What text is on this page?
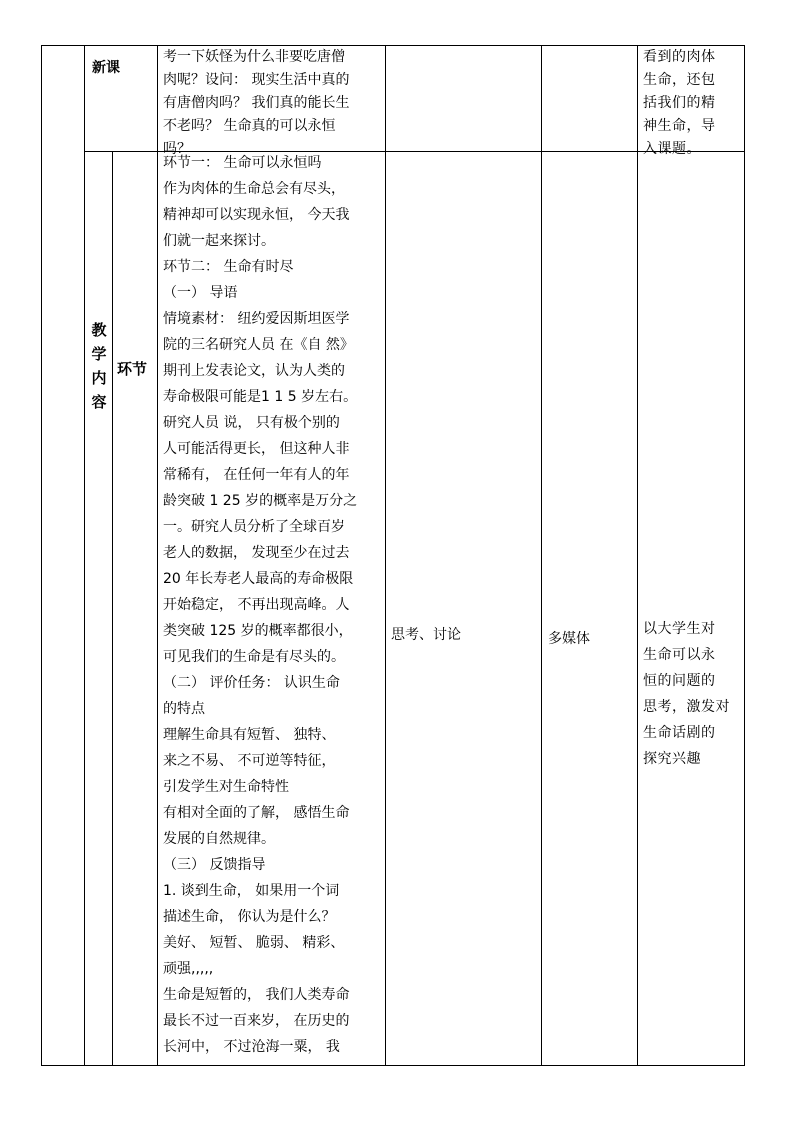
新课
考一下妖怪为什么非要吃唐僧
肉呢？设问： 现实生活中真的
有唐僧肉吗？ 我们真的能长生
不老吗？ 生命真的可以永恒
吗？
看到的肉体
生命，还包
括我们的精
神生命，导
入课题。
教
学
内
容
环节
环节一： 生命可以永恒吗
作为肉体的生命总会有尽头，
精神却可以实现永恒， 今天我
们就一起来探讨。
环节二： 生命有时尽
（一） 导语
情境素材： 纽约爱因斯坦医学
院的三名研究人员 在《自 然》
期刊上发表论文，认为人类的
寿命极限可能是1 1 5 岁左右。
研究人员 说， 只有极个别的
人可能活得更长， 但这种人非
常稀有， 在任何一年有人的年
龄突破 1 25 岁的概率是万分之
一。研究人员分析了全球百岁
老人的数据， 发现至少在过去
20 年长寿老人最高的寿命极限
开始稳定， 不再出现高峰。人
类突破 125 岁的概率都很小，
可见我们的生命是有尽头的。
（二） 评价任务： 认识生命
的特点
理解生命具有短暂、 独特、
来之不易、 不可逆等特征，
引发学生对生命特性
有相对全面的了解， 感悟生命
发展的自然规律。
（三） 反馈指导
1. 谈到生命， 如果用一个词
描述生命， 你认为是什么？
美好、 短暂、 脆弱、 精彩、
顽强,,,,,
生命是短暂的， 我们人类寿命
最长不过一百来岁， 在历史的
长河中， 不过沧海一粟， 我
思考、讨论	多媒体
以大学生对
生命可以永
恒的问题的
思考，激发对
生命话剧的
探究兴趣
